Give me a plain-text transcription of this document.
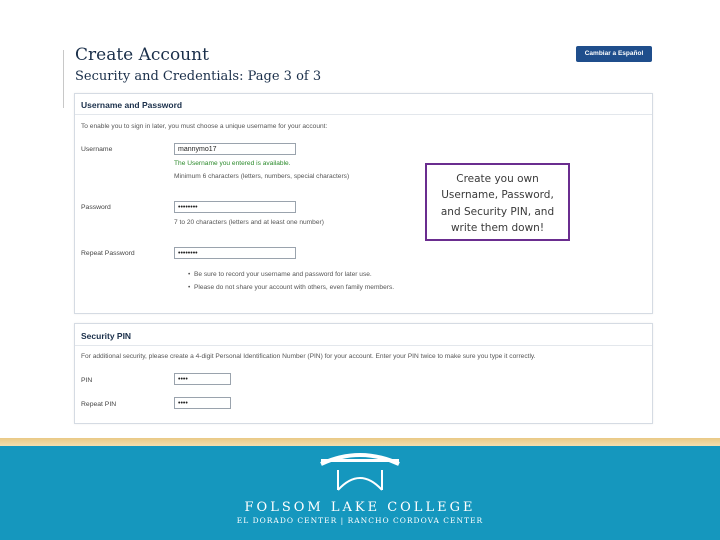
Create Account
Security and Credentials: Page 3 of 3
Cambiar a Español
Username and Password
To enable you to sign in later, you must choose a unique username for your account:
Username	mannymo17
The Username you entered is available.
Minimum 6 characters (letters, numbers, special characters)
Password	••••••••
7 to 20 characters (letters and at least one number)
Repeat Password	••••••••
•  Be sure to record your username and password for later use.
•  Please do not share your account with others, even family members.
Security PIN
For additional security, please create a 4-digit Personal Identification Number (PIN) for your account. Enter your PIN twice to make sure you type it correctly.
PIN	••••
Repeat PIN	••••
Create you own
Username, Password,
and Security PIN, and
write them down!
FOLSOM LAKE COLLEGE
EL DORADO CENTER | RANCHO CORDOVA CENTER
